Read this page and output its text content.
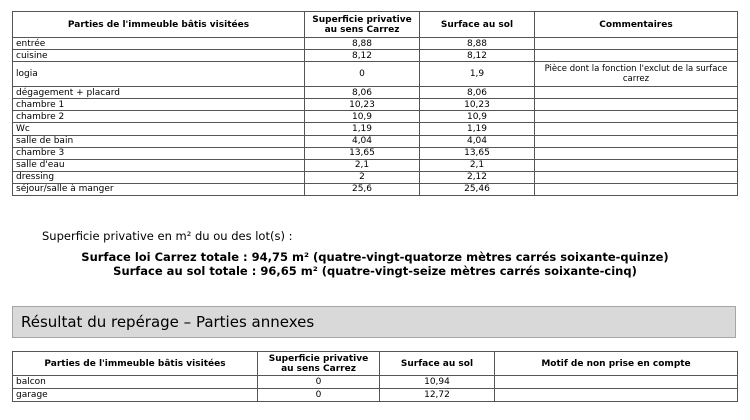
Parties de l'immeuble bâtis visitées	Superficie privative au sens Carrez	Surface au sol	Commentaires
entrée	8,88	8,88	
cuisine	8,12	8,12	
logia	0	1,9	Pièce dont la fonction l'exclut de la surface carrez
dégagement + placard	8,06	8,06	
chambre 1	10,23	10,23	
chambre 2	10,9	10,9	
Wc	1,19	1,19	
salle de bain	4,04	4,04	
chambre 3	13,65	13,65	
salle d'eau	2,1	2,1	
dressing	2	2,12	
séjour/salle à manger	25,6	25,46	
Superficie privative en m² du ou des lot(s) :
Surface loi Carrez totale : 94,75 m² (quatre-vingt-quatorze mètres carrés soixante-quinze)
Surface au sol totale : 96,65 m² (quatre-vingt-seize mètres carrés soixante-cinq)
Résultat du repérage – Parties annexes
Parties de l'immeuble bâtis visitées	Superficie privative au sens Carrez	Surface au sol	Motif de non prise en compte
balcon	0	10,94	
garage	0	12,72	
